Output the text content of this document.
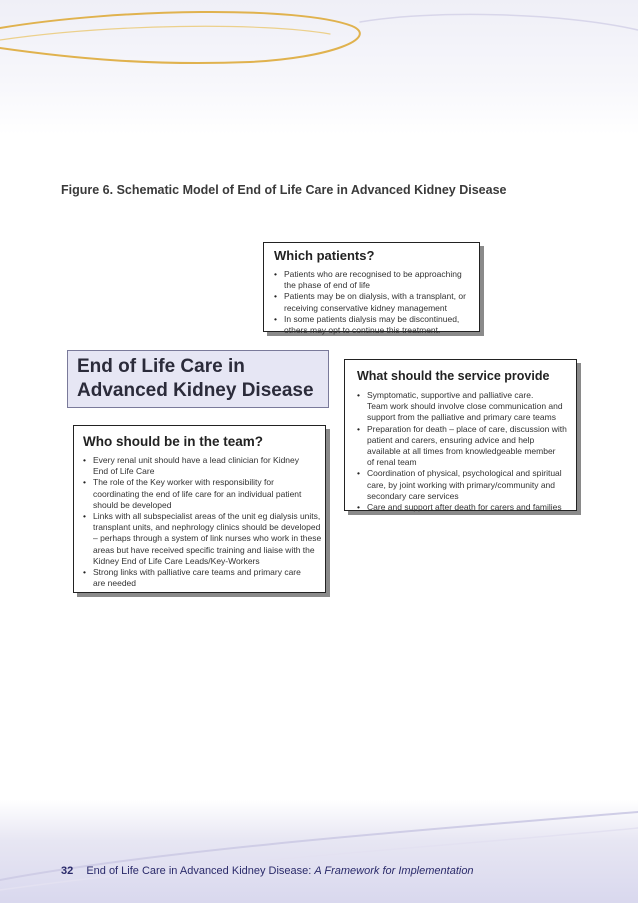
Figure 6. Schematic Model of End of Life Care in Advanced Kidney Disease
Which patients?
• Patients who are recognised to be approaching
the phase of end of life
• Patients may be on dialysis, with a transplant, or
receiving conservative kidney management
• In some patients dialysis may be discontinued,
others may opt to continue this treatment.
End of Life Care in
Advanced Kidney Disease
What should the service provide
• Symptomatic, supportive and palliative care.
Team work should involve close communication and
support from the palliative and primary care teams
• Preparation for death – place of care, discussion with
patient and carers, ensuring advice and help
available at all times from knowledgeable member
of renal team
• Coordination of physical, psychological and spiritual
care, by joint working with primary/community and
secondary care services
• Care and support after death for carers and families
Who should be in the team?
• Every renal unit should have a lead clinician for Kidney
End of Life Care
• The role of the Key worker with responsibility for
coordinating the end of life care for an individual patient
should be developed
• Links with all subspecialist areas of the unit eg dialysis units,
transplant units, and nephrology clinics should be developed
– perhaps through a system of link nurses who work in these
areas but have received specific training and liaise with the
Kidney End of Life Care Leads/Key-Workers
• Strong links with palliative care teams and primary care
are needed
32 End of Life Care in Advanced Kidney Disease: A Framework for Implementation
